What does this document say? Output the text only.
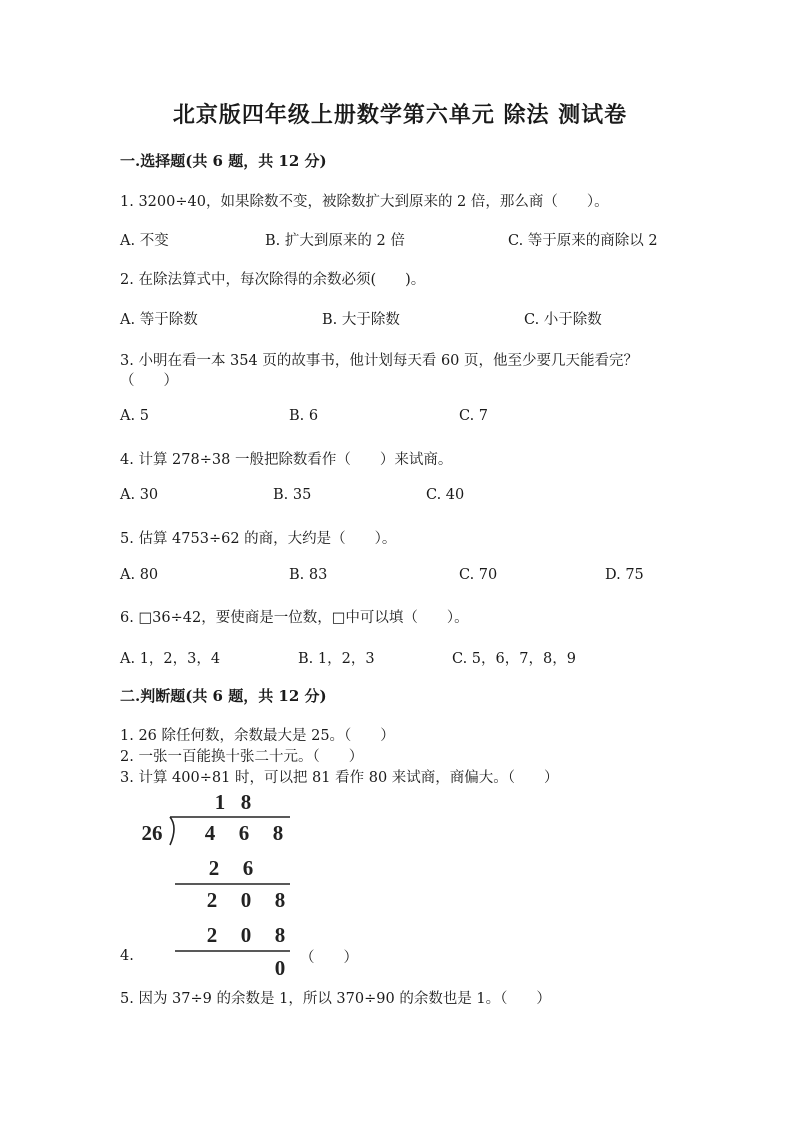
北京版四年级上册数学第六单元 除法 测试卷
一.选择题(共 6 题，共 12 分)
1. 3200÷40，如果除数不变，被除数扩大到原来的 2 倍，那么商（　　）。
A. 不变	B. 扩大到原来的 2 倍	C. 等于原来的商除以 2
2. 在除法算式中，每次除得的余数必须(　　)。
A. 等于除数	B. 大于除数	C. 小于除数
3. 小明在看一本 354 页的故事书，他计划每天看 60 页，他至少要几天能看完？
（　　）
A. 5	B. 6	C. 7
4. 计算 278÷38 一般把除数看作（　　）来试商。
A. 30	B. 35	C. 40
5. 估算 4753÷62 的商，大约是（　　）。
A. 80	B. 83	C. 70	D. 75
6. □36÷42，要使商是一位数，□中可以填（　　）。
A. 1，2，3，4	B. 1，2，3	C. 5，6，7，8，9
二.判断题(共 6 题，共 12 分)
1. 26 除任何数，余数最大是 25。（　　）
2. 一张一百能换十张二十元。（　　）
3. 计算 400÷81 时，可以把 81 看作 80 来试商，商偏大。（　　）
1 8
26 4 6 8
2 6
2 0 8
2 0 8
0
4.	（　　）
5. 因为 37÷9 的余数是 1，所以 370÷90 的余数也是 1。（　　）
